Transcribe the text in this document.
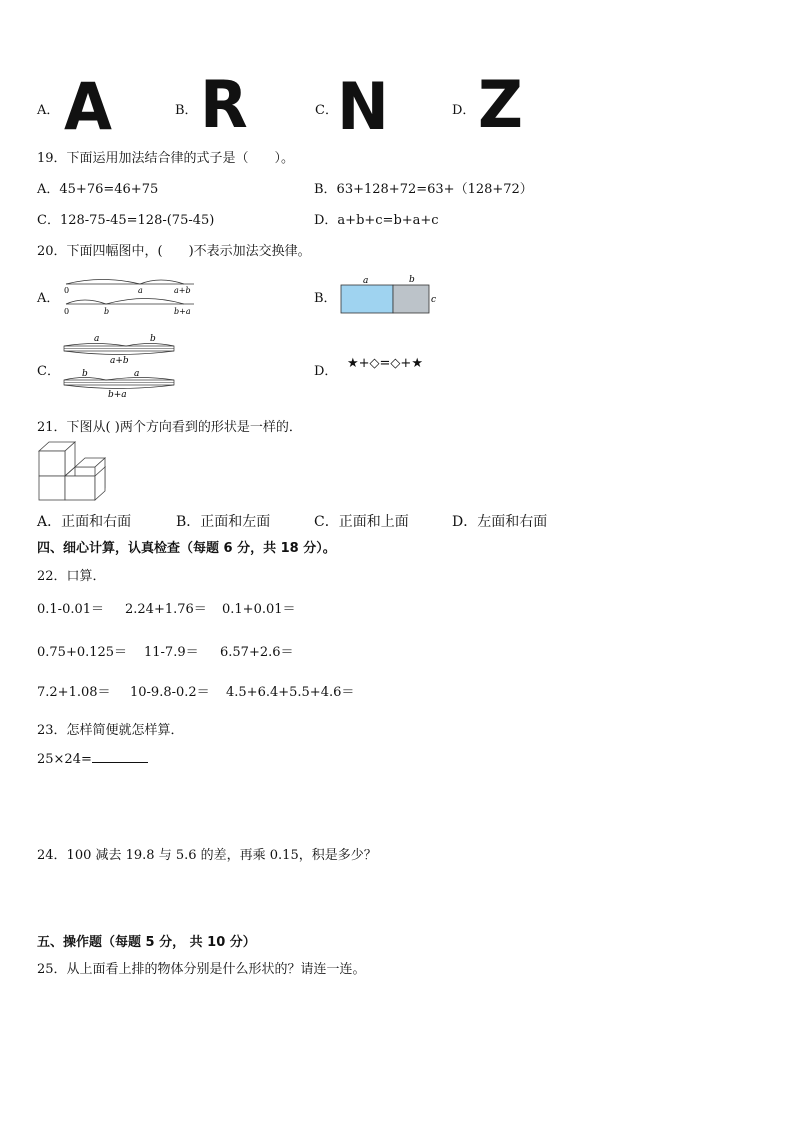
A． A	B． R	C． N	D． Z
19．下面运用加法结合律的式子是（　　）。
A．45+76=46+75	B．63+128+72=63+（128+72）
C．128-75-45=128-(75-45)	D．a+b+c=b+a+c
20．下面四幅图中，(　　)不表示加法交换律。
A．
0	a	a+b
0	b	b+a
B．
a	b
c
C．
a	b
a+b
b	a
b+a
D．
★+◇=◇+★
21．下图从( )两个方向看到的形状是一样的．
A．正面和右面	B．正面和左面	C．正面和上面	D．左面和右面
四、细心计算，认真检查（每题 6 分，共 18 分）。
22．口算．
0.1-0.01＝ 2.24+1.76＝ 0.1+0.01＝
0.75+0.125＝ 11-7.9＝ 6.57+2.6＝
7.2+1.08＝ 10-9.8-0.2＝ 4.5+6.4+5.5+4.6＝
23．怎样简便就怎样算．
25×24=
24．100 减去 19.8 与 5.6 的差，再乘 0.15，积是多少？
五、操作题（每题 5 分， 共 10 分）
25．从上面看上排的物体分别是什么形状的？请连一连。
